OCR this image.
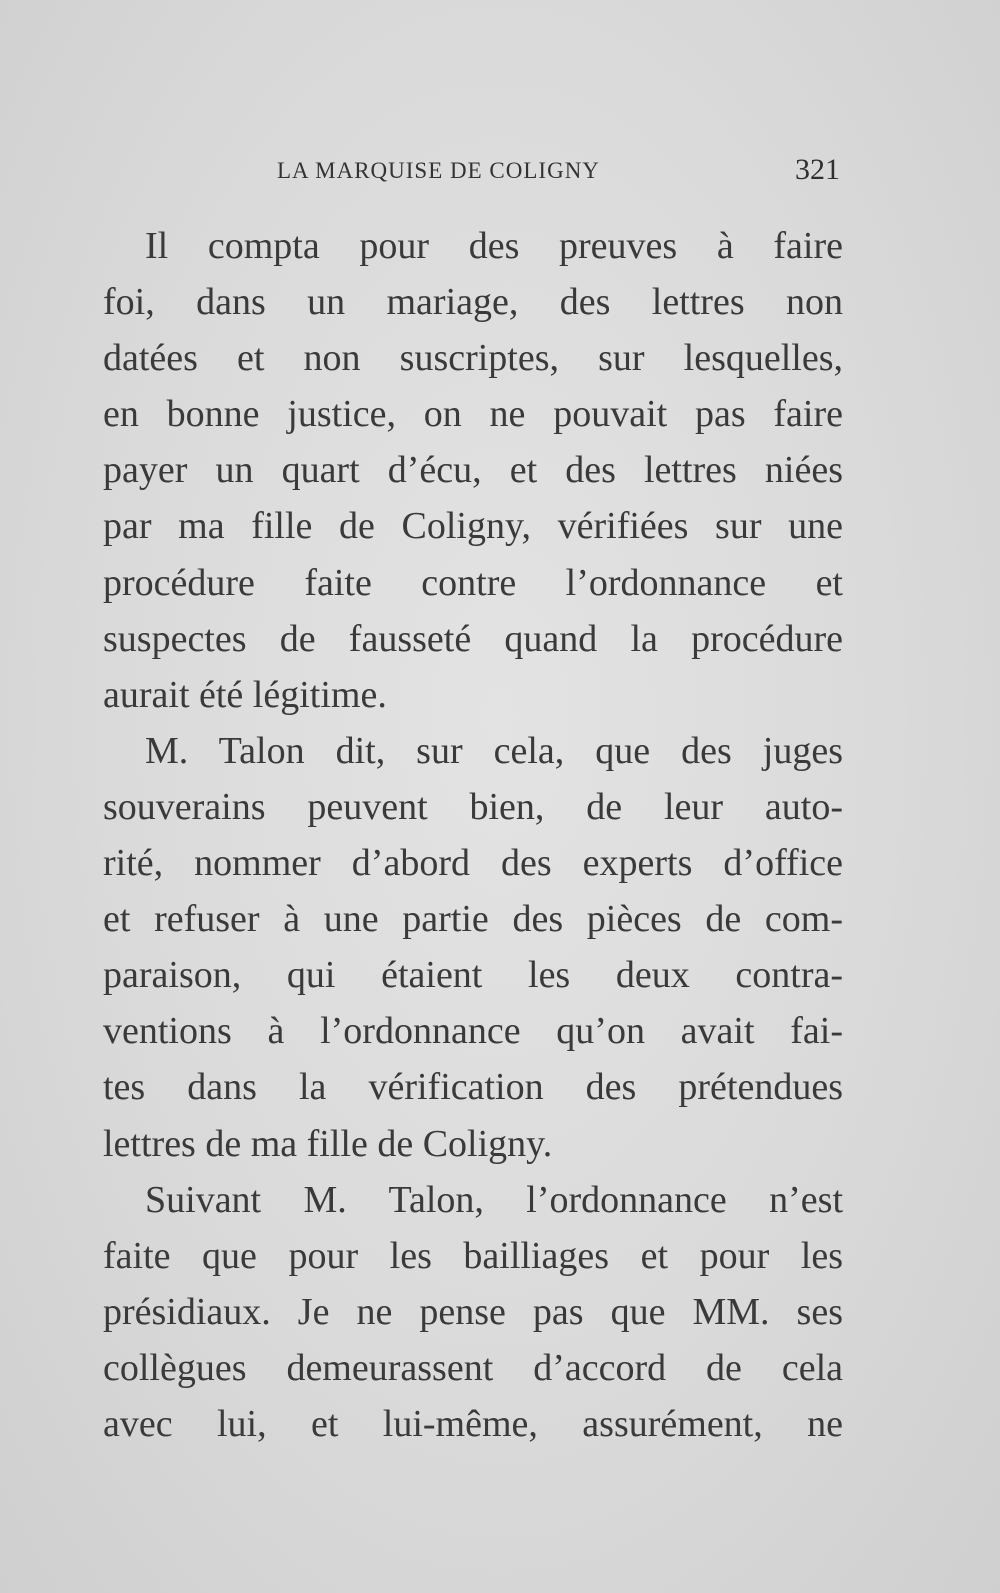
LA MARQUISE DE COLIGNY	321
Il compta pour des preuves à faire
foi, dans un mariage, des lettres non
datées et non suscriptes, sur lesquelles,
en bonne justice, on ne pouvait pas faire
payer un quart d’écu, et des lettres niées
par ma fille de Coligny, vérifiées sur une
procédure faite contre l’ordonnance et
suspectes de fausseté quand la procédure
aurait été légitime.
M. Talon dit, sur cela, que des juges
souverains peuvent bien, de leur auto-
rité, nommer d’abord des experts d’office
et refuser à une partie des pièces de com-
paraison, qui étaient les deux contra-
ventions à l’ordonnance qu’on avait fai-
tes dans la vérification des prétendues
lettres de ma fille de Coligny.
Suivant M. Talon, l’ordonnance n’est
faite que pour les bailliages et pour les
présidiaux. Je ne pense pas que MM. ses
collègues demeurassent d’accord de cela
avec lui, et lui-même, assurément, ne
